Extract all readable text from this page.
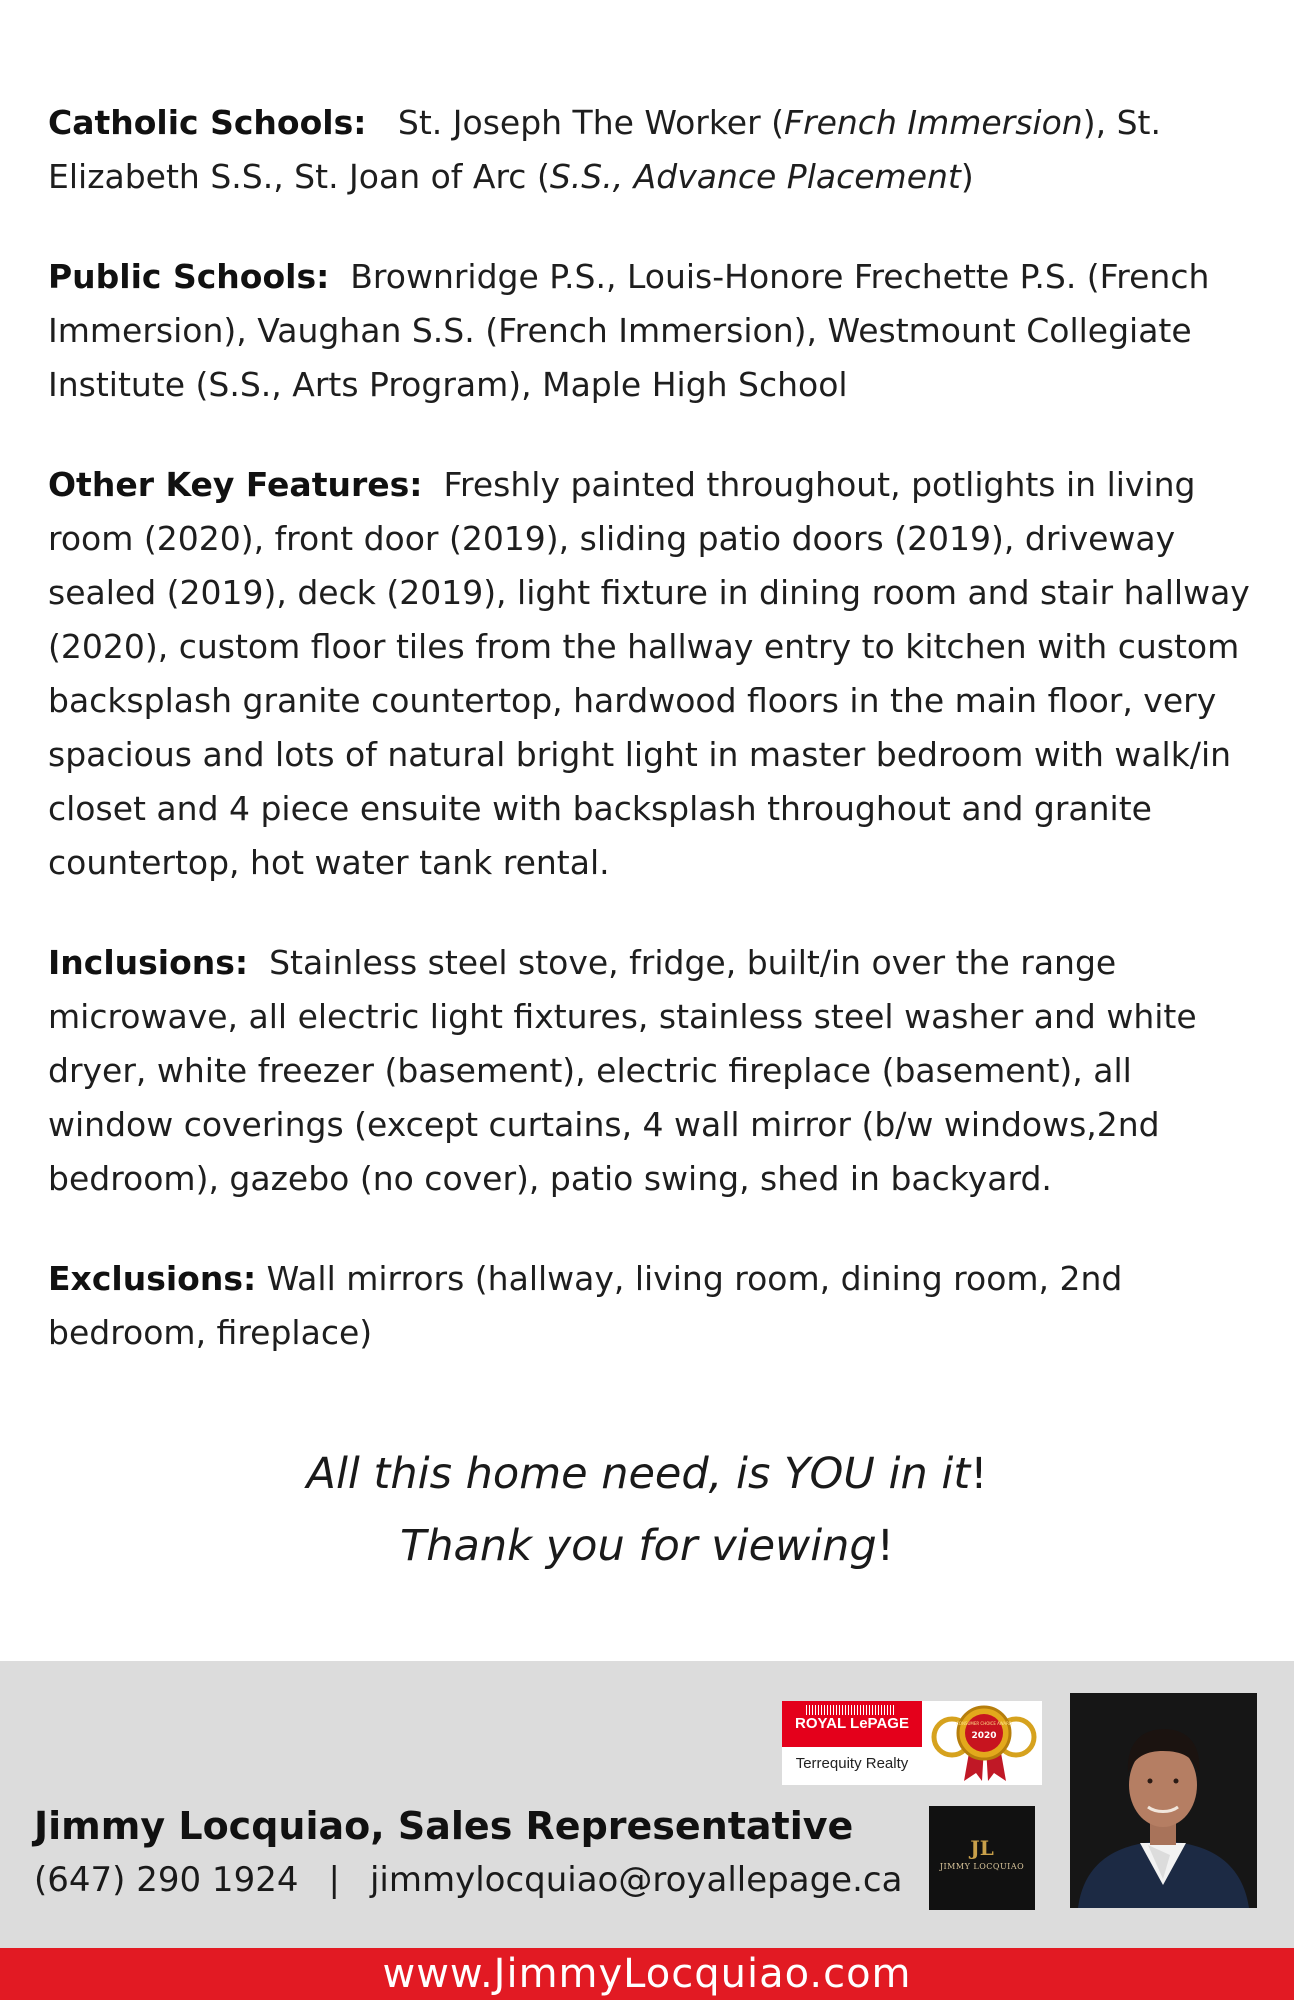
Catholic Schools: St. Joseph The Worker (French Immersion), St. Elizabeth S.S., St. Joan of Arc (S.S., Advance Placement)

Public Schools: Brownridge P.S., Louis-Honore Frechette P.S. (French Immersion), Vaughan S.S. (French Immersion), Westmount Collegiate Institute (S.S., Arts Program), Maple High School

Other Key Features: Freshly painted throughout, potlights in living room (2020), front door (2019), sliding patio doors (2019), driveway sealed (2019), deck (2019), light fixture in dining room and stair hallway (2020), custom floor tiles from the hallway entry to kitchen with custom backsplash granite countertop, hardwood floors in the main floor, very spacious and lots of natural bright light in master bedroom with walk/in closet and 4 piece ensuite with backsplash throughout and granite countertop, hot water tank rental.

Inclusions: Stainless steel stove, fridge, built/in over the range microwave, all electric light fixtures, stainless steel washer and white dryer, white freezer (basement), electric fireplace (basement), all window coverings (except curtains, 4 wall mirror (b/w windows,2nd bedroom), gazebo (no cover), patio swing, shed in backyard.

Exclusions: Wall mirrors (hallway, living room, dining room, 2nd bedroom, fireplace)

All this home need, is YOU in it!
Thank you for viewing!
ROYAL LePAGE
Terrequity Realty
CONSUMER CHOICE AWARD
2020
JL
JIMMY LOCQUIAO
Jimmy Locquiao, Sales Representative
(647) 290 1924 | jimmylocquiao@royallepage.ca
www.JimmyLocquiao.com
